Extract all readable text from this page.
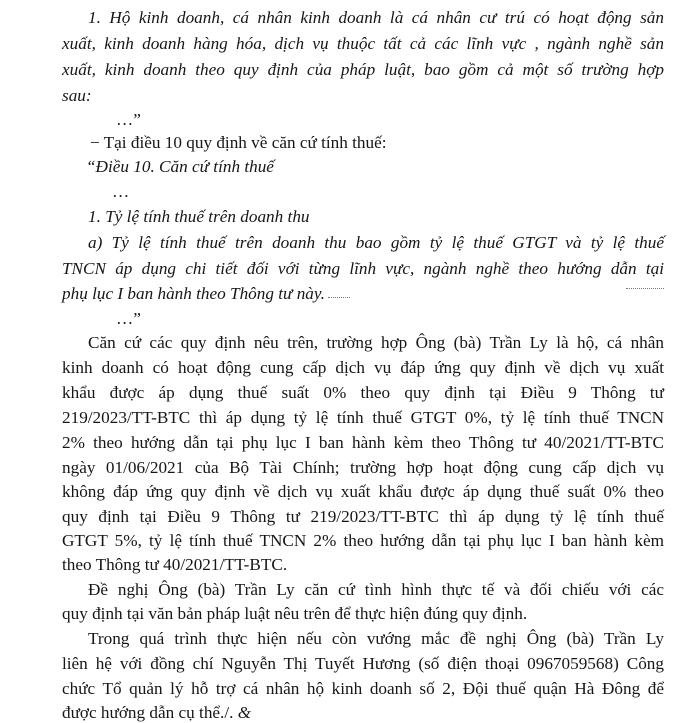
1. Hộ kinh doanh, cá nhân kinh doanh là cá nhân cư trú có hoạt động sản

xuất, kinh doanh hàng hóa, dịch vụ thuộc tất cả các lĩnh vực , ngành nghề sản

xuất, kinh doanh theo quy định của pháp luật, bao gồm cả một số trường hợp

sau:

…”

− Tại điều 10 quy định về căn cứ tính thuế:

“Điều 10. Căn cứ tính thuế

…

1. Tỷ lệ tính thuế trên doanh thu

a) Tỷ lệ tính thuế trên doanh thu bao gồm tỷ lệ thuế GTGT và tỷ lệ thuế

TNCN áp dụng chi tiết đối với từng lĩnh vực, ngành nghề theo hướng dẫn tại

phụ lục I ban hành theo Thông tư này.

…”

Căn cứ các quy định nêu trên, trường hợp Ông (bà) Trần Ly là hộ, cá nhân

kinh doanh có hoạt động cung cấp dịch vụ đáp ứng quy định về dịch vụ xuất

khẩu được áp dụng thuế suất 0% theo quy định tại Điều 9 Thông tư

219/2023/TT-BTC thì áp dụng tỷ lệ tính thuế GTGT 0%, tỷ lệ tính thuế TNCN

2% theo hướng dẫn tại phụ lục I ban hành kèm theo Thông tư 40/2021/TT-BTC

ngày 01/06/2021 của Bộ Tài Chính; trường hợp hoạt động cung cấp dịch vụ

không đáp ứng quy định về dịch vụ xuất khẩu được áp dụng thuế suất 0% theo

quy định tại Điều 9 Thông tư 219/2023/TT-BTC thì áp dụng tỷ lệ tính thuế

GTGT 5%, tỷ lệ tính thuế TNCN 2% theo hướng dẫn tại phụ lục I ban hành kèm

theo Thông tư 40/2021/TT-BTC.

Đề nghị Ông (bà) Trần Ly căn cứ tình hình thực tế và đối chiếu với các

quy định tại văn bản pháp luật nêu trên để thực hiện đúng quy định.

Trong quá trình thực hiện nếu còn vướng mắc đề nghị Ông (bà) Trần Ly

liên hệ với đồng chí Nguyễn Thị Tuyết Hương (số điện thoại 0967059568) Công

chức Tổ quản lý hỗ trợ cá nhân hộ kinh doanh số 2, Đội thuế quận Hà Đông để

được hướng dẫn cụ thể./. &
